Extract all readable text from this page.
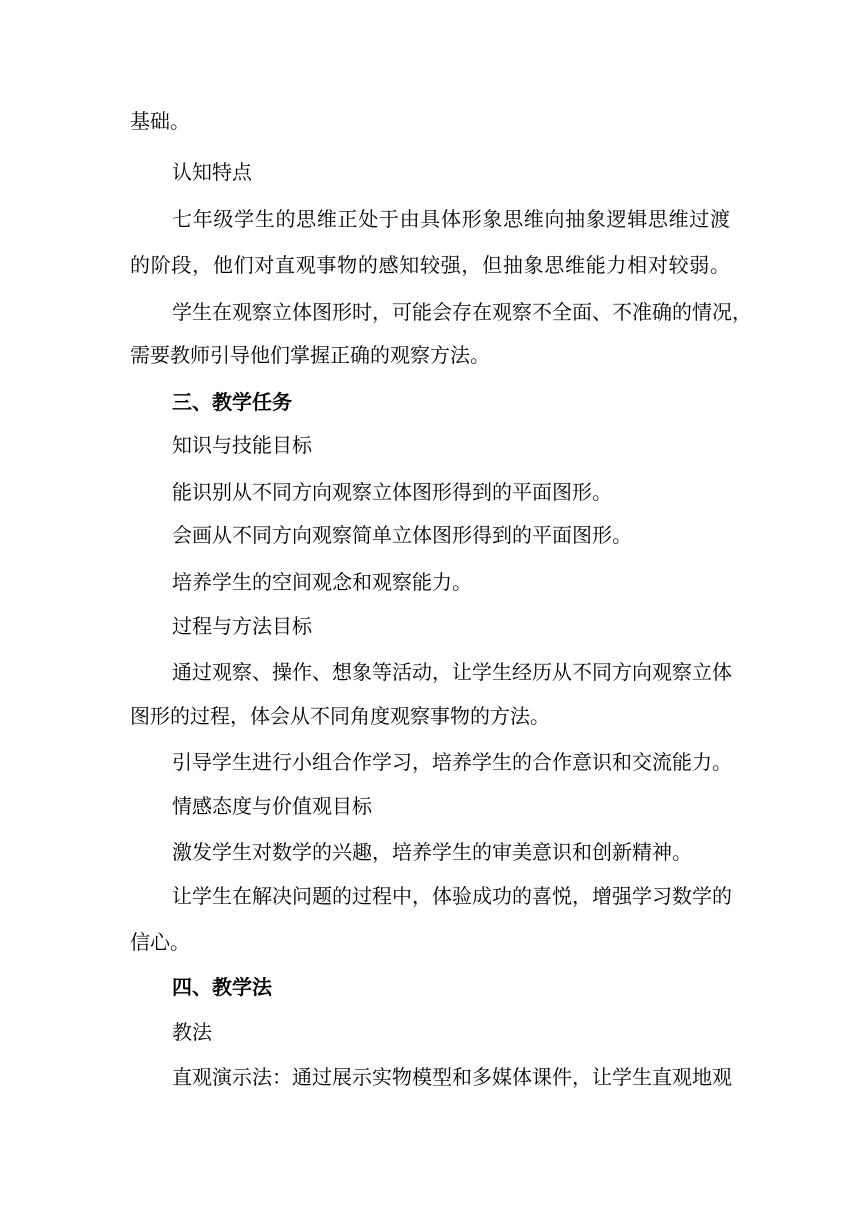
基础。
认知特点
七年级学生的思维正处于由具体形象思维向抽象逻辑思维过渡
的阶段，他们对直观事物的感知较强，但抽象思维能力相对较弱。
学生在观察立体图形时，可能会存在观察不全面、不准确的情况，
需要教师引导他们掌握正确的观察方法。
三、教学任务
知识与技能目标
能识别从不同方向观察立体图形得到的平面图形。
会画从不同方向观察简单立体图形得到的平面图形。
培养学生的空间观念和观察能力。
过程与方法目标
通过观察、操作、想象等活动，让学生经历从不同方向观察立体
图形的过程，体会从不同角度观察事物的方法。
引导学生进行小组合作学习，培养学生的合作意识和交流能力。
情感态度与价值观目标
激发学生对数学的兴趣，培养学生的审美意识和创新精神。
让学生在解决问题的过程中，体验成功的喜悦，增强学习数学的
信心。
四、教学法
教法
直观演示法：通过展示实物模型和多媒体课件，让学生直观地观
